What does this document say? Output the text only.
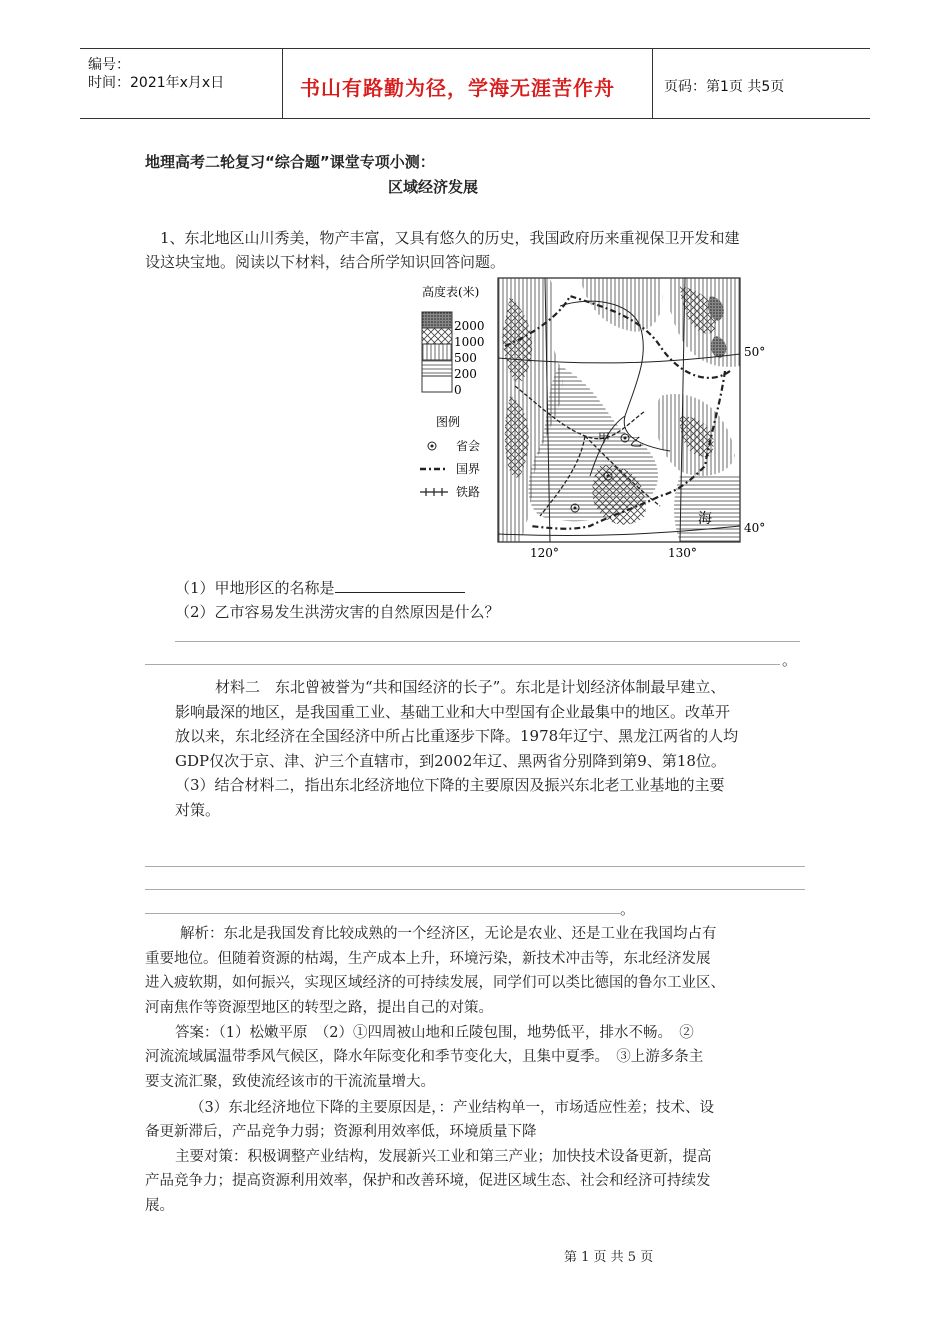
编号：
时间：2021年x月x日	书山有路勤为径，学海无涯苦作舟	页码：第1页 共5页
地理高考二轮复习“综合题”课堂专项小测：
区域经济发展
1、东北地区山川秀美，物产丰富，又具有悠久的历史，我国政府历来重视保卫开发和建
设这块宝地。阅读以下材料，结合所学知识回答问题。
高度表(米)
2000
1000
500
200
0
图例
省会
国界
铁路
甲 乙
海
50°
40°
120°	130°
（1）甲地形区的名称是
（2）乙市容易发生洪涝灾害的自然原因是什么？
。
材料二　东北曾被誉为“共和国经济的长子”。东北是计划经济体制最早建立、
影响最深的地区，是我国重工业、基础工业和大中型国有企业最集中的地区。改革开
放以来，东北经济在全国经济中所占比重逐步下降。1978年辽宁、黑龙江两省的人均
GDP仅次于京、津、沪三个直辖市，到2002年辽、黑两省分别降到第9、第18位。
（3）结合材料二，指出东北经济地位下降的主要原因及振兴东北老工业基地的主要
对策。
。
解析：东北是我国发育比较成熟的一个经济区，无论是农业、还是工业在我国均占有
重要地位。但随着资源的枯竭，生产成本上升，环境污染，新技术冲击等，东北经济发展
进入疲软期，如何振兴，实现区域经济的可持续发展，同学们可以类比德国的鲁尔工业区、
河南焦作等资源型地区的转型之路，提出自己的对策。
答案：（1）松嫩平原　（2）①四周被山地和丘陵包围，地势低平，排水不畅。　②
河流流域属温带季风气候区，降水年际变化和季节变化大，且集中夏季。　③上游多条主
要支流汇聚，致使流经该市的干流流量增大。
（3）东北经济地位下降的主要原因是，：产业结构单一，市场适应性差；技术、设
备更新滞后，产品竞争力弱；资源利用效率低，环境质量下降
主要对策：积极调整产业结构，发展新兴工业和第三产业；加快技术设备更新，提高
产品竞争力；提高资源利用效率，保护和改善环境，促进区域生态、社会和经济可持续发
展。
第 1 页 共 5 页
